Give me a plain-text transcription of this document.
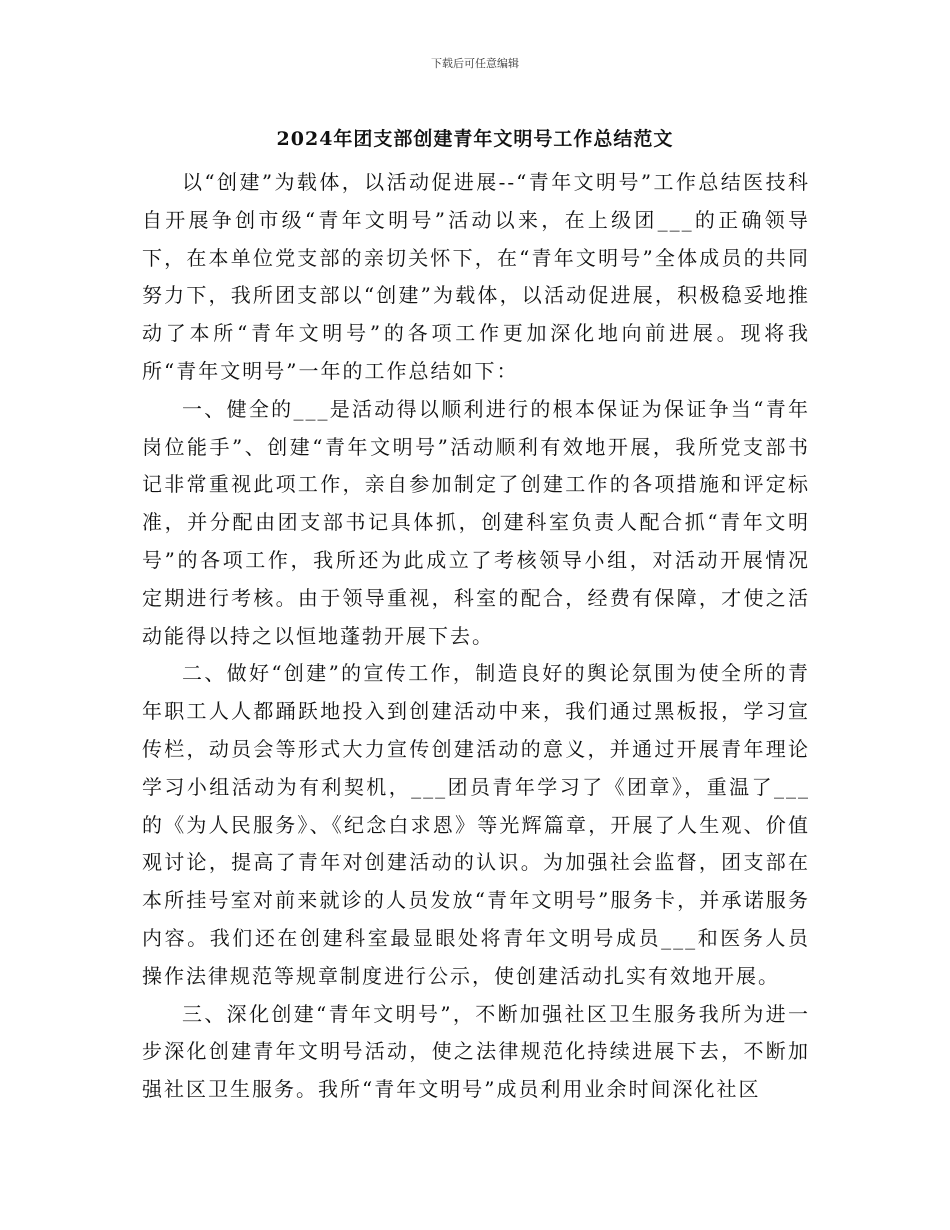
下载后可任意编辑
2024年团支部创建青年文明号工作总结范文

以“创建”为载体，以活动促进展--“青年文明号”工作总结医技科自开展争创市级“青年文明号”活动以来，在上级团___的正确领导下，在本单位党支部的亲切关怀下，在“青年文明号”全体成员的共同努力下，我所团支部以“创建”为载体，以活动促进展，积极稳妥地推动了本所“青年文明号”的各项工作更加深化地向前进展。现将我所“青年文明号”一年的工作总结如下：

一、健全的___是活动得以顺利进行的根本保证为保证争当“青年岗位能手”、创建“青年文明号”活动顺利有效地开展，我所党支部书记非常重视此项工作，亲自参加制定了创建工作的各项措施和评定标准，并分配由团支部书记具体抓，创建科室负责人配合抓“青年文明号”的各项工作，我所还为此成立了考核领导小组，对活动开展情况定期进行考核。由于领导重视，科室的配合，经费有保障，才使之活动能得以持之以恒地蓬勃开展下去。

二、做好“创建”的宣传工作，制造良好的舆论氛围为使全所的青年职工人人都踊跃地投入到创建活动中来，我们通过黑板报，学习宣传栏，动员会等形式大力宣传创建活动的意义，并通过开展青年理论学习小组活动为有利契机，___团员青年学习了《团章》，重温了___的《为人民服务》、《纪念白求恩》等光辉篇章，开展了人生观、价值观讨论，提高了青年对创建活动的认识。为加强社会监督，团支部在本所挂号室对前来就诊的人员发放“青年文明号”服务卡，并承诺服务内容。我们还在创建科室最显眼处将青年文明号成员___和医务人员操作法律规范等规章制度进行公示，使创建活动扎实有效地开展。

三、深化创建“青年文明号”，不断加强社区卫生服务我所为进一步深化创建青年文明号活动，使之法律规范化持续进展下去，不断加强社区卫生服务。我所“青年文明号”成员利用业余时间深化社区
